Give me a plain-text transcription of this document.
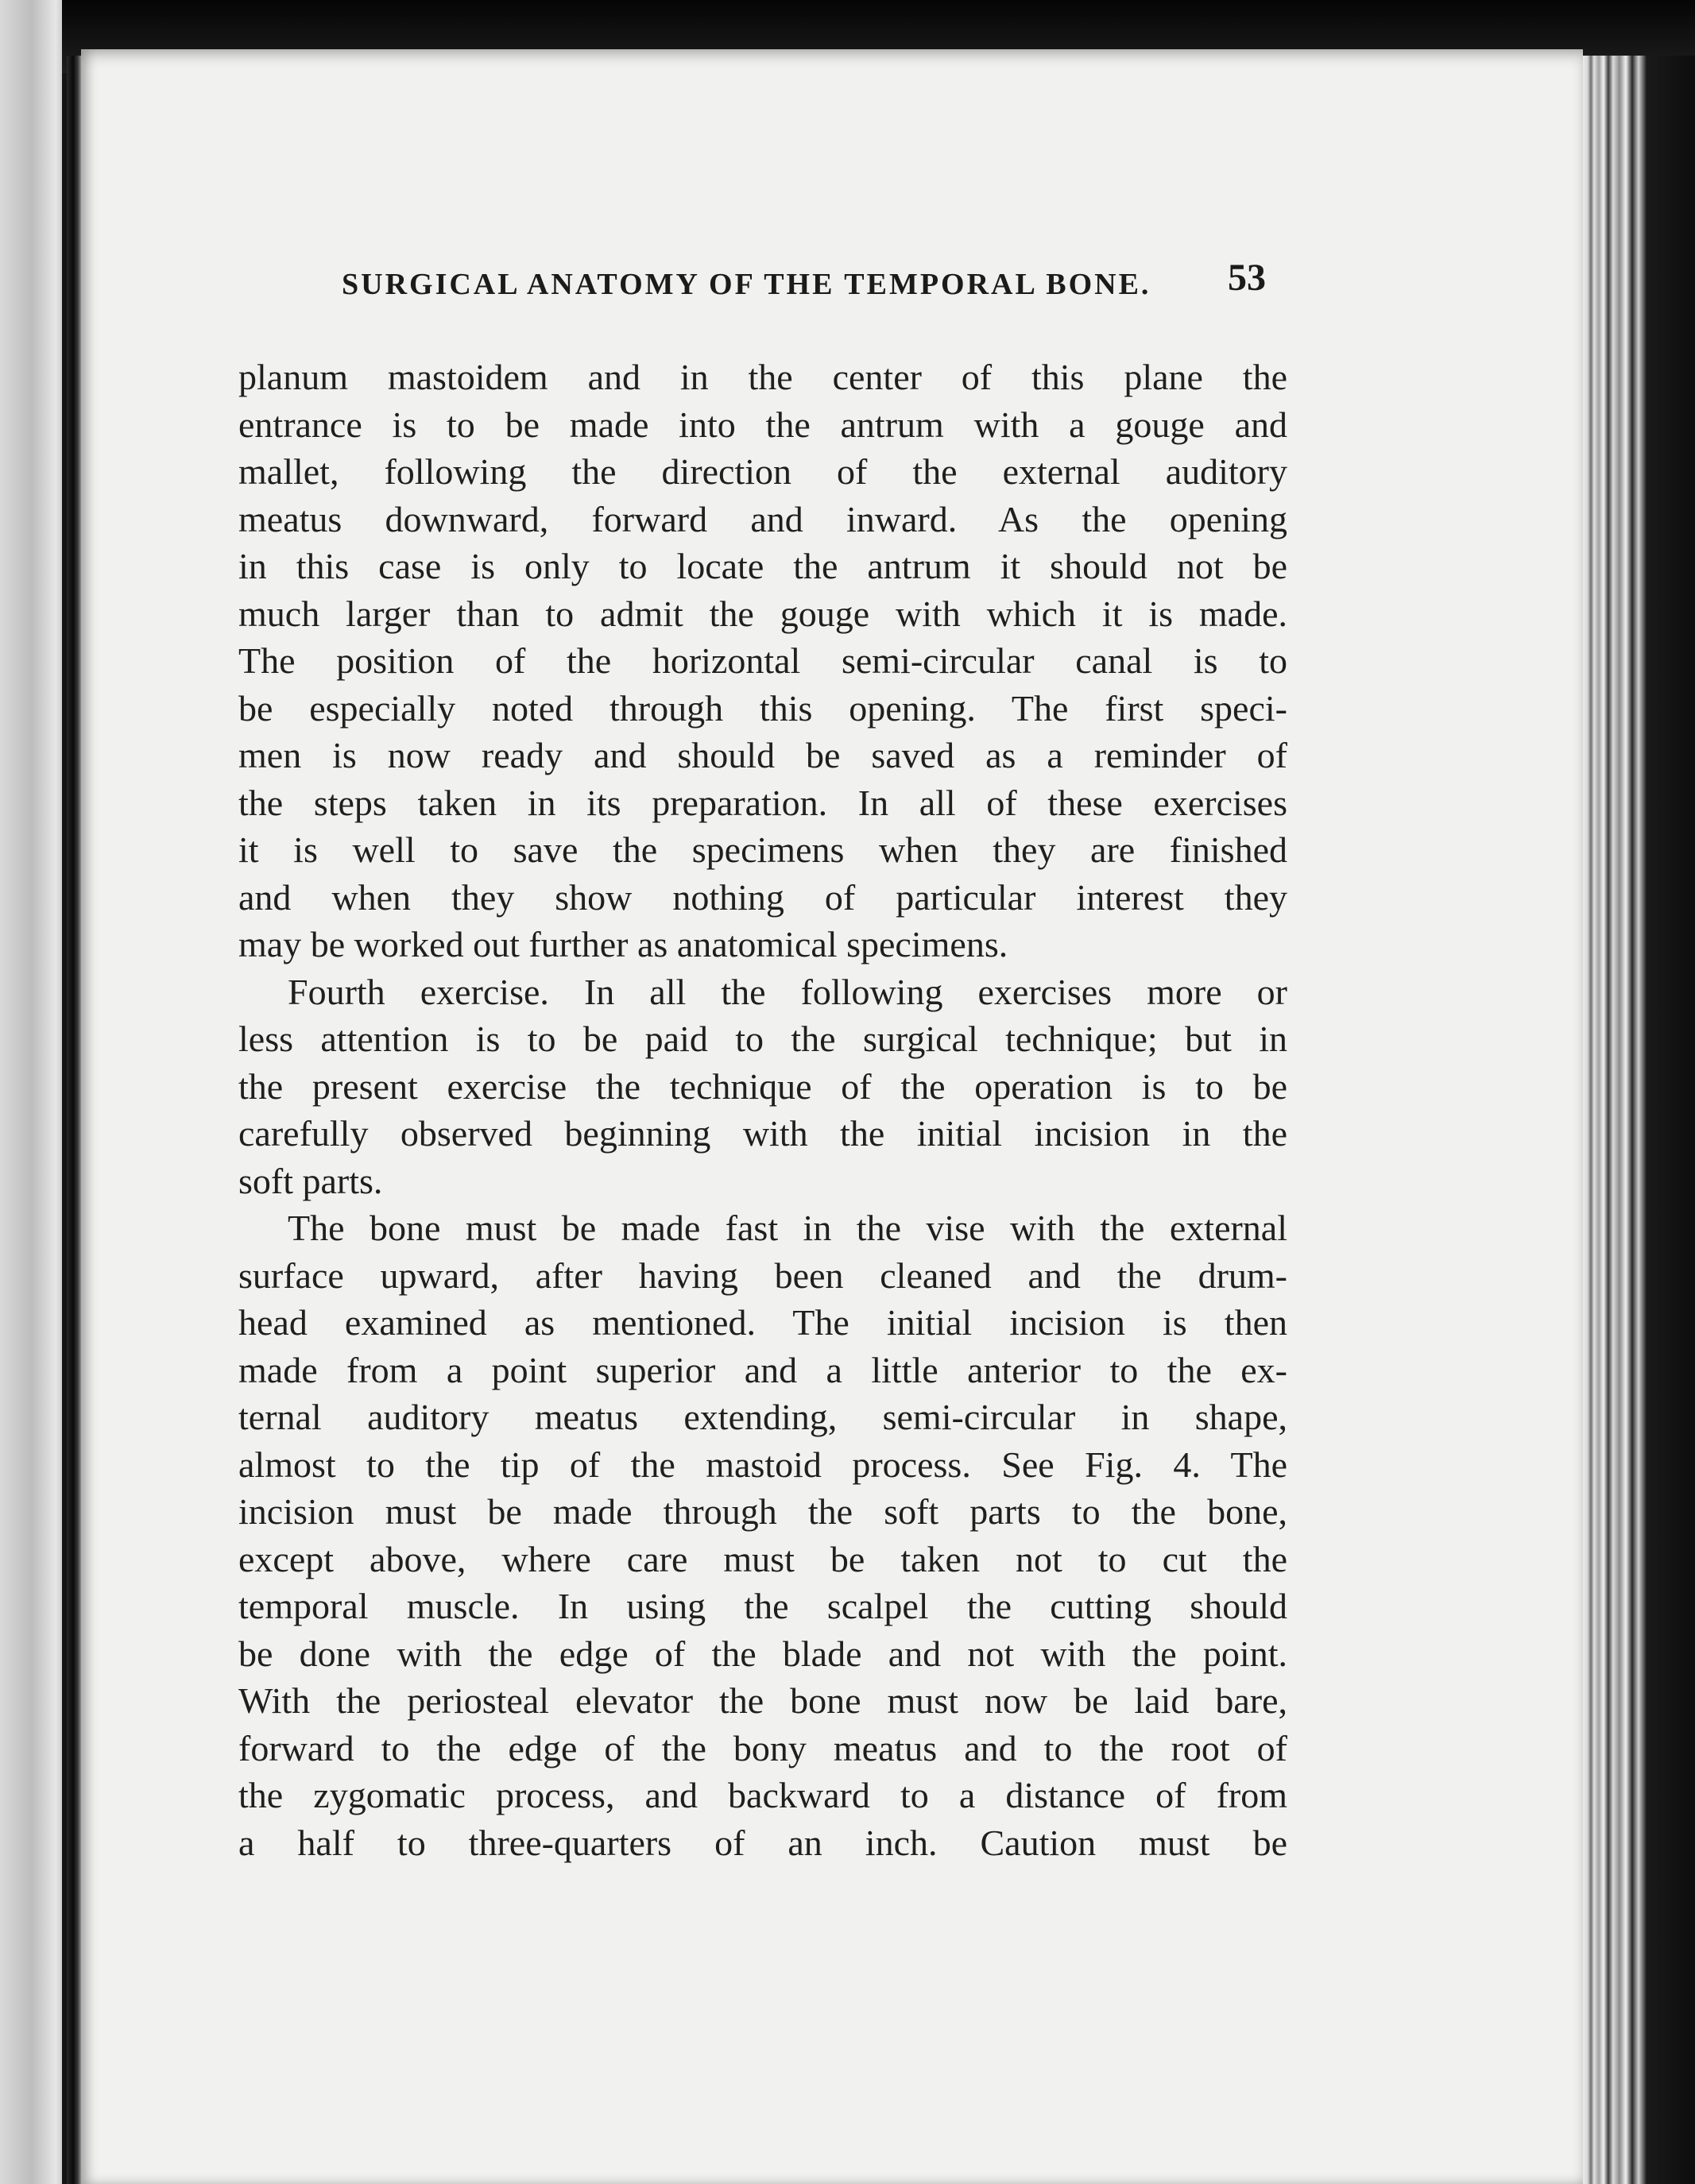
SURGICAL ANATOMY OF THE TEMPORAL BONE. 53
planum mastoidem and in the center of this plane the
entrance is to be made into the antrum with a gouge and
mallet, following the direction of the external auditory
meatus downward, forward and inward. As the opening
in this case is only to locate the antrum it should not be
much larger than to admit the gouge with which it is made.
The position of the horizontal semi-circular canal is to
be especially noted through this opening. The first speci-
men is now ready and should be saved as a reminder of
the steps taken in its preparation. In all of these exercises
it is well to save the specimens when they are finished
and when they show nothing of particular interest they
may be worked out further as anatomical specimens.
Fourth exercise. In all the following exercises more or
less attention is to be paid to the surgical technique; but in
the present exercise the technique of the operation is to be
carefully observed beginning with the initial incision in the
soft parts.
The bone must be made fast in the vise with the external
surface upward, after having been cleaned and the drum-
head examined as mentioned. The initial incision is then
made from a point superior and a little anterior to the ex-
ternal auditory meatus extending, semi-circular in shape,
almost to the tip of the mastoid process. See Fig. 4. The
incision must be made through the soft parts to the bone,
except above, where care must be taken not to cut the
temporal muscle. In using the scalpel the cutting should
be done with the edge of the blade and not with the point.
With the periosteal elevator the bone must now be laid bare,
forward to the edge of the bony meatus and to the root of
the zygomatic process, and backward to a distance of from
a half to three-quarters of an inch. Caution must be
